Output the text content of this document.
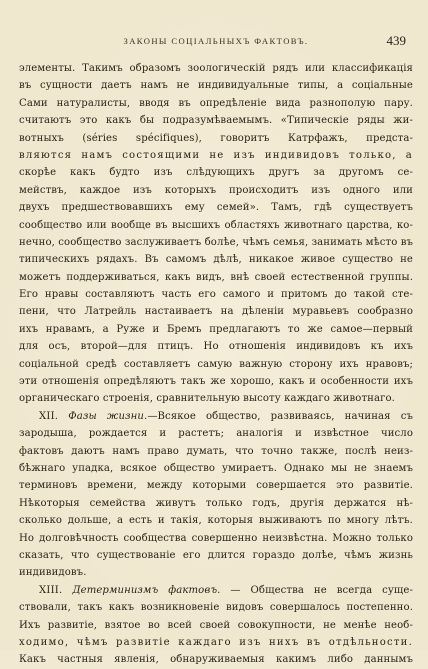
ЗАКОНЫ СОЦІАЛЬНЫХЪ ФАКТОВЪ.	439
элементы. Такимъ образомъ зоологическій рядъ или классификація
въ сущности даетъ намъ не индивидуальные типы, а соціальные
Сами натуралисты, вводя въ опредѣленіе вида разнополую пару.
считаютъ это какъ бы подразумѣваемымъ. «Типическіе ряды жи-
вотныхъ (séries spécifiques), говоритъ Катрфажъ, предста-
вляются намъ состоящими не изъ индивидовъ только, а
скорѣе какъ будто изъ слѣдующихъ другъ за другомъ се-
мействъ, каждое изъ которыхъ происходитъ изъ одного или
двухъ предшествовавшихъ ему семей». Тамъ, гдѣ существуетъ
сообщество или вообще въ высшихъ областяхъ животнаго царства, ко-
нечно, сообщество заслуживаетъ болѣе, чѣмъ семья, занимать мѣсто въ
типическихъ рядахъ. Въ самомъ дѣлѣ, никакое живое существо не
можетъ поддерживаться, какъ видъ, внѣ своей естественной группы.
Его нравы составляютъ часть его самого и притомъ до такой сте-
пени, что Латрейль настаиваетъ на дѣленіи муравьевъ сообразно
ихъ нравамъ, а Руже и Бремъ предлагаютъ то же самое—первый
для осъ, второй—для птицъ. Но отношенія индивидовъ къ ихъ
соціальной средѣ составляетъ самую важную сторону ихъ нравовъ;
эти отношенія опредѣляютъ такъ же хорошо, какъ и особенности ихъ
органическаго строенія, сравнительную высоту каждаго животнаго.
XII. Фазы жизни.—Всякое общество, развиваясь, начиная съ
зародыша, рождается и растетъ; аналогія и извѣстное число
фактовъ даютъ намъ право думать, что точно также, послѣ неиз-
бѣжнаго упадка, всякое общество умираетъ. Однако мы не знаемъ
терминовъ времени, между которыми совершается это развитіе.
Нѣкоторыя семейства живутъ только годъ, другія держатся нѣ-
сколько дольше, а есть и такія, которыя выживаютъ по многу лѣтъ.
Но долговѣчность сообщества совершенно неизвѣстна. Можно только
сказать, что существованіе его длится гораздо долѣе, чѣмъ жизнь
индивидовъ.
XIII. Детерминизмъ фактовъ. — Общества не всегда суще-
ствовали, такъ какъ возникновеніе видовъ совершалось постепенно.
Ихъ развитіе, взятое во всей своей совокупности, не менѣе необ-
ходимо, чѣмъ развитіе каждаго изъ нихъ въ отдѣльности.
Какъ частныя явленія, обнаруживаемыя какимъ либо даннымъ
